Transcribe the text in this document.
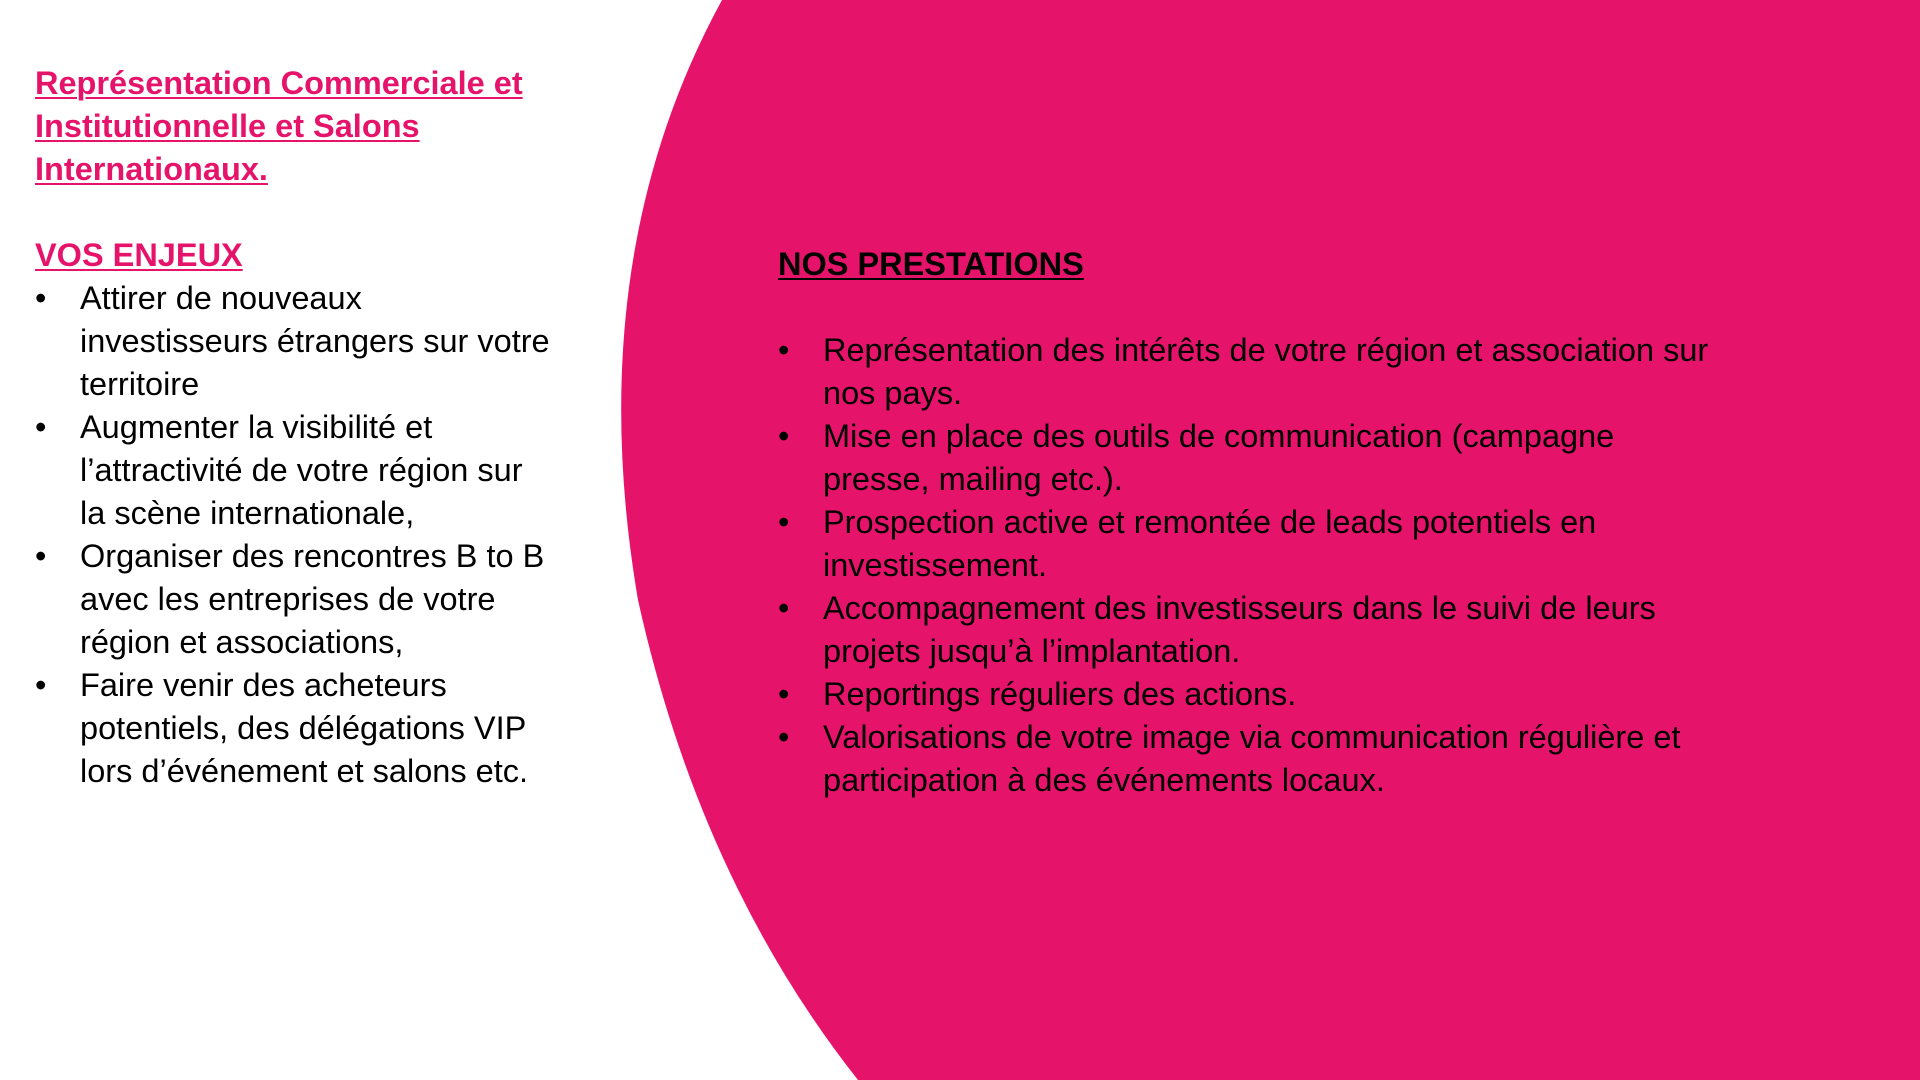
Représentation Commerciale et
Institutionnelle et Salons
Internationaux.

VOS ENJEUX

• Attirer de nouveaux
investisseurs étrangers sur votre
territoire
• Augmenter la visibilité et
l’attractivité de votre région sur
la scène internationale,
• Organiser des rencontres B to B
avec les entreprises de votre
région et associations,
• Faire venir des acheteurs
potentiels, des délégations VIP
lors d’événement et salons etc.

NOS PRESTATIONS

• Représentation des intérêts de votre région et association sur
nos pays.
• Mise en place des outils de communication (campagne
presse, mailing etc.).
• Prospection active et remontée de leads potentiels en
investissement.
• Accompagnement des investisseurs dans le suivi de leurs
projets jusqu’à l’implantation.
• Reportings réguliers des actions.
• Valorisations de votre image via communication régulière et
participation à des événements locaux.
